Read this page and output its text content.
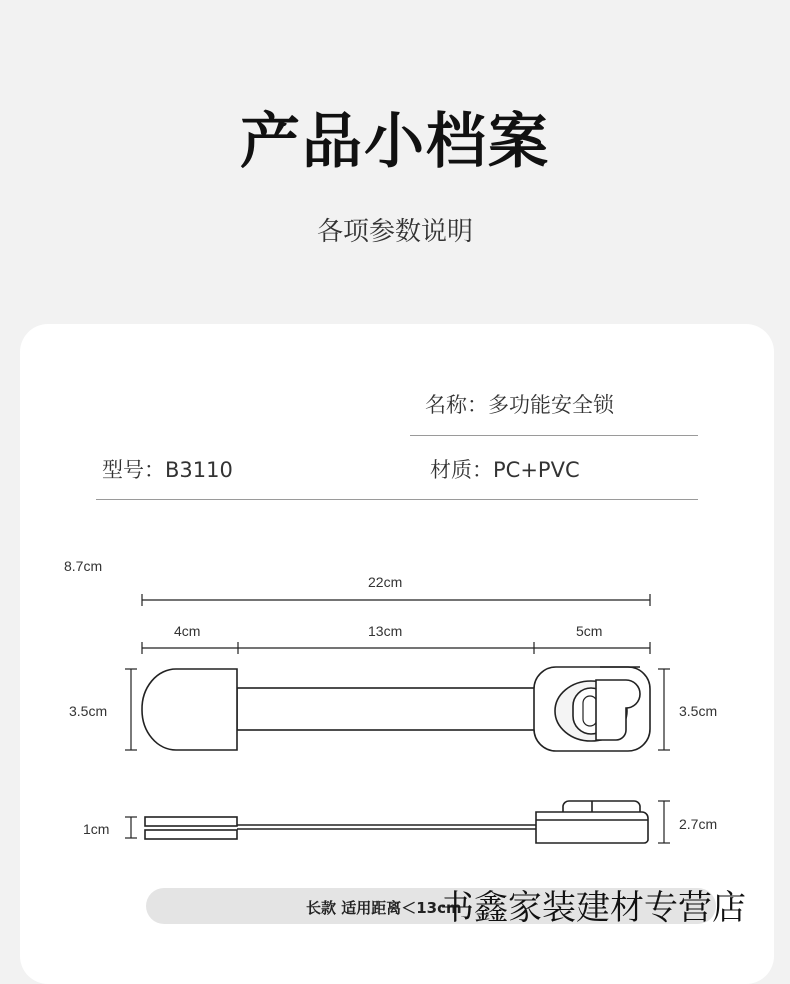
产品小档案
各项参数说明
名称：多功能安全锁
型号：B3110	材质：PC+PVC
8.7cm
22cm
4cm	13cm	5cm
3.5cm	3.5cm
1cm	2.7cm
长款 适用距离＜13cm
书鑫家装建材专营店
